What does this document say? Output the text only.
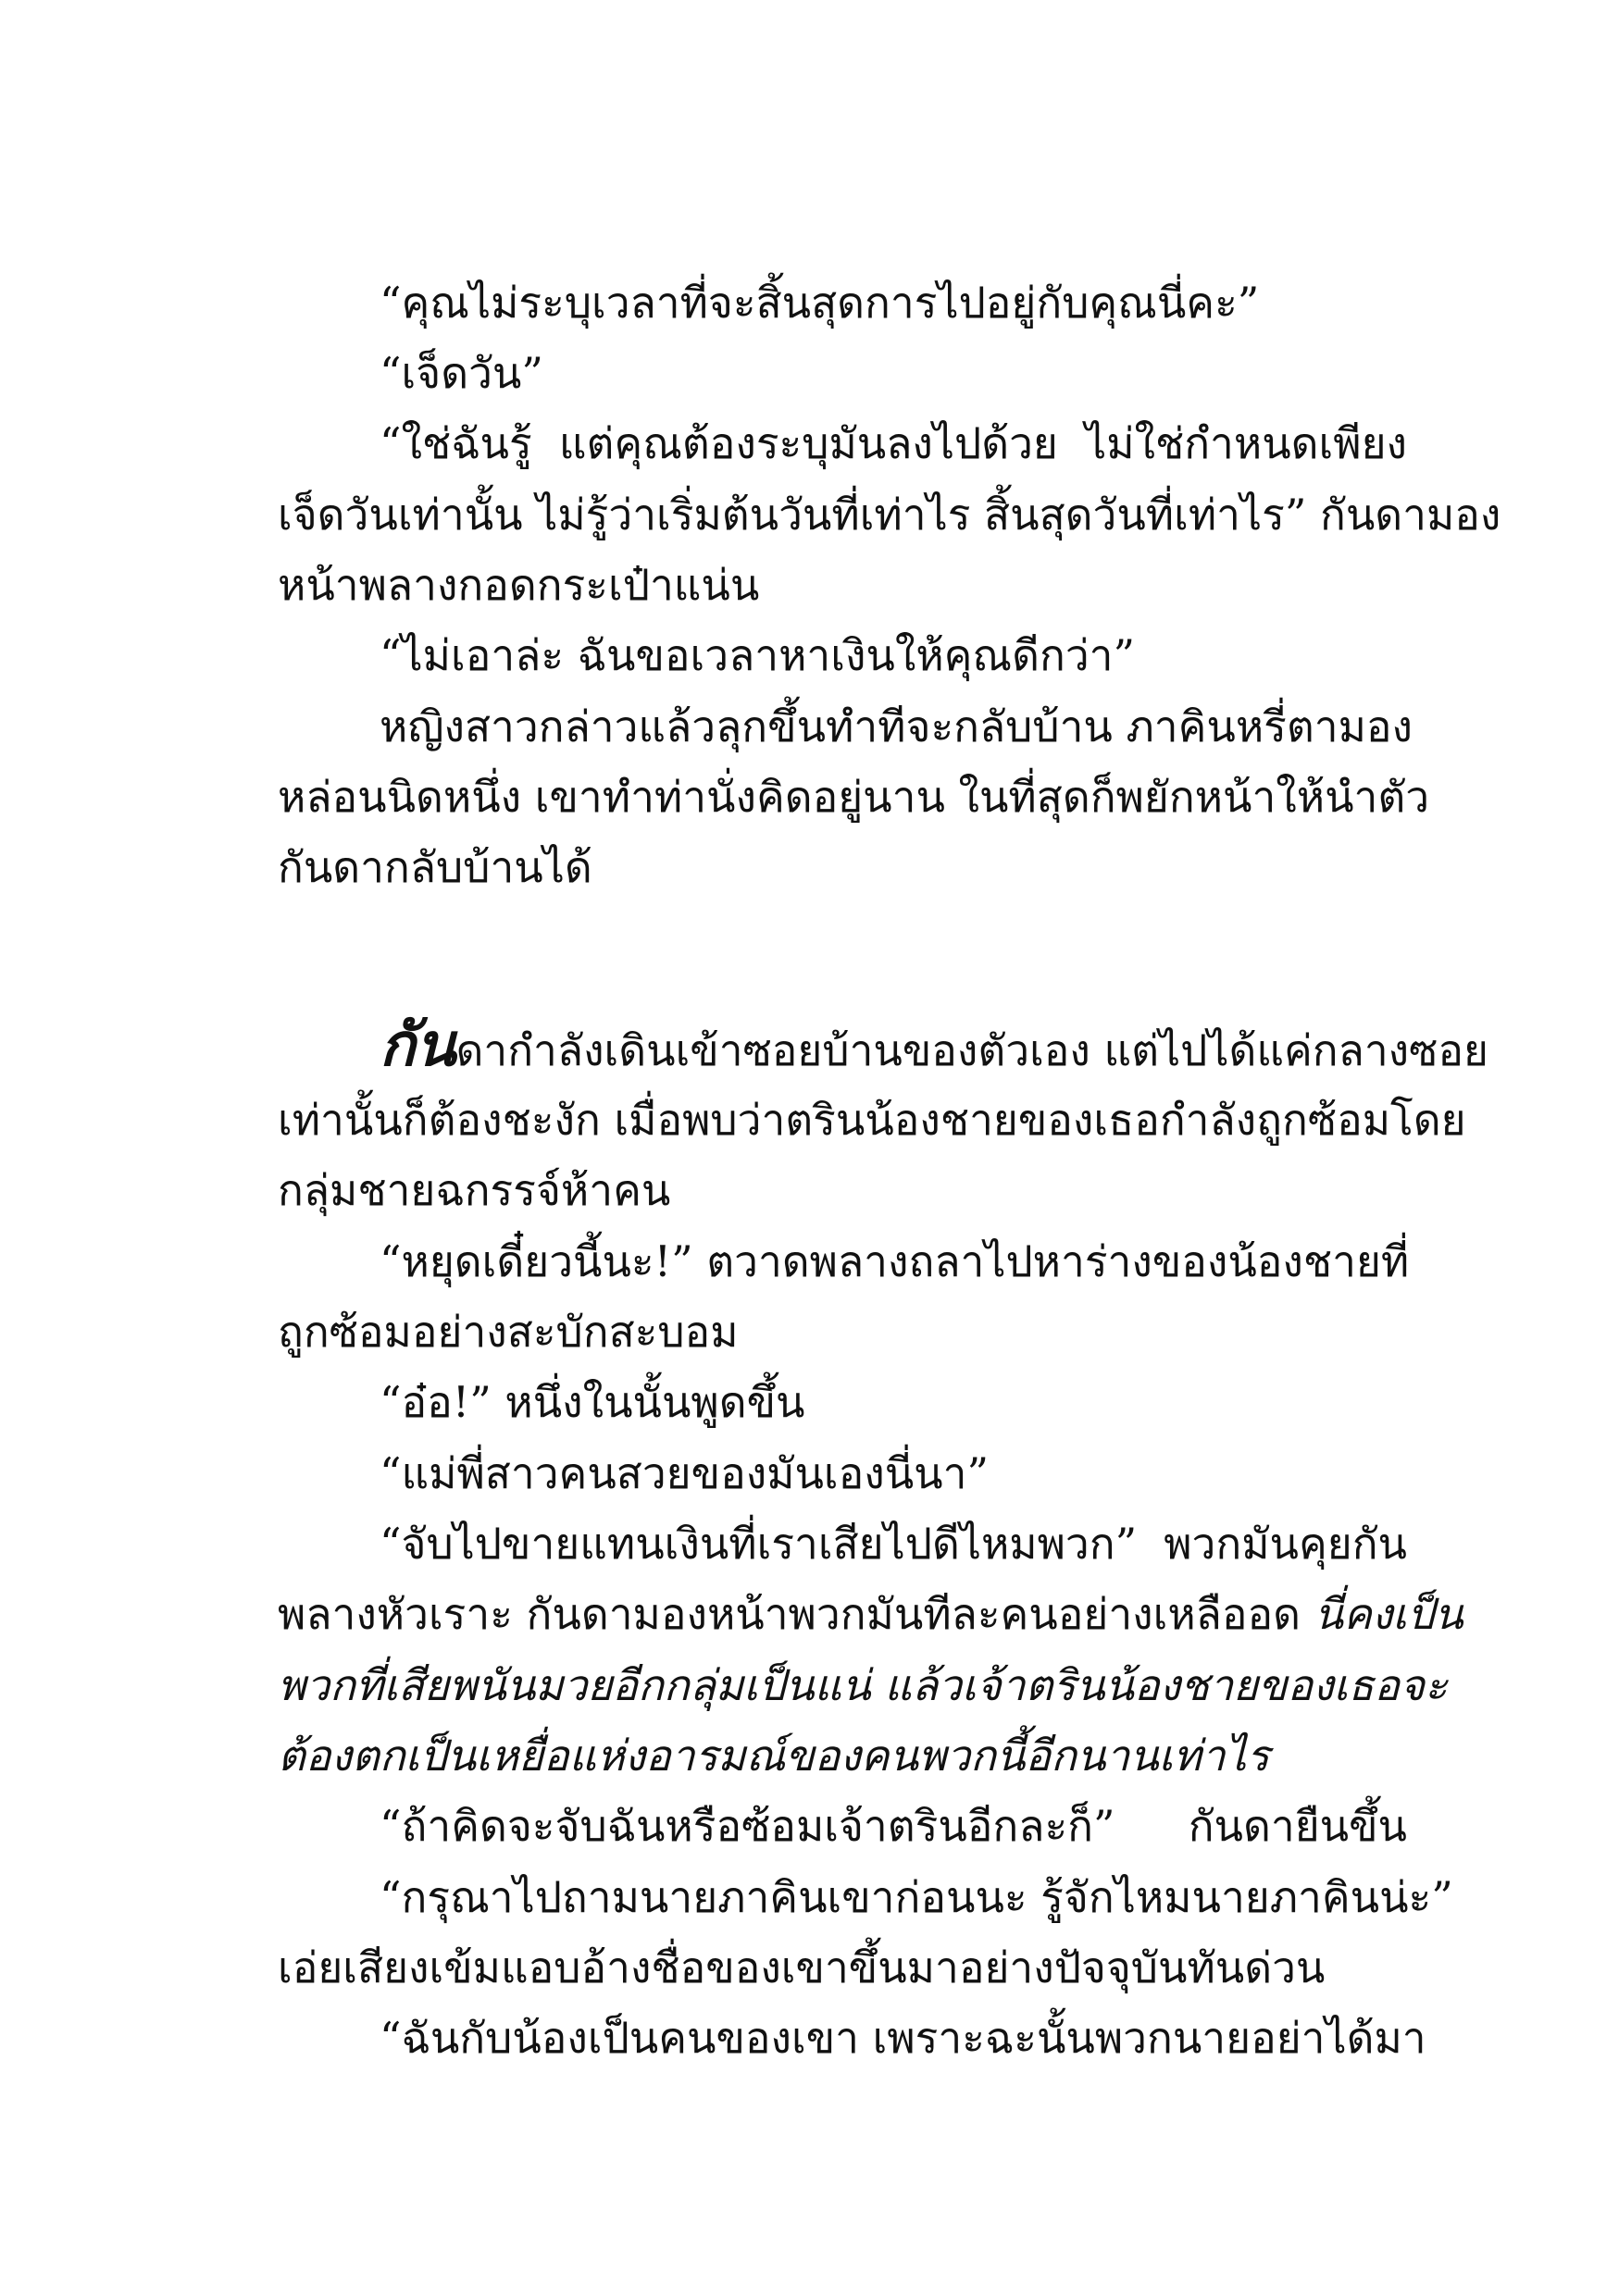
“คุณไม่ระบุเวลาที่จะสิ้นสุดการไปอยู่กับคุณนี่คะ”
“เจ็ดวัน”
“ใช่ฉันรู้ แต่คุณต้องระบุมันลงไปด้วย ไม่ใช่กำหนดเพียง
เจ็ดวันเท่านั้น ไม่รู้ว่าเริ่มต้นวันที่เท่าไร สิ้นสุดวันที่เท่าไร” กันดามอง
หน้าพลางกอดกระเป๋าแน่น
“ไม่เอาล่ะ ฉันขอเวลาหาเงินให้คุณดีกว่า”
หญิงสาวกล่าวแล้วลุกขึ้นทำทีจะกลับบ้าน ภาคินหรี่ตามอง
หล่อนนิดหนึ่ง เขาทำท่านั่งคิดอยู่นาน ในที่สุดก็พยักหน้าให้นำตัว
กันดากลับบ้านได้
กันดากำลังเดินเข้าซอยบ้านของตัวเอง แต่ไปได้แค่กลางซอย
เท่านั้นก็ต้องชะงัก เมื่อพบว่าตรินน้องชายของเธอกำลังถูกซ้อมโดย
กลุ่มชายฉกรรจ์ห้าคน
“หยุดเดี๋ยวนี้นะ!” ตวาดพลางถลาไปหาร่างของน้องชายที่
ถูกซ้อมอย่างสะบักสะบอม
“อ๋อ!” หนึ่งในนั้นพูดขึ้น
“แม่พี่สาวคนสวยของมันเองนี่นา”
“จับไปขายแทนเงินที่เราเสียไปดีไหมพวก” พวกมันคุยกัน
พลางหัวเราะ กันดามองหน้าพวกมันทีละคนอย่างเหลืออด นี่คงเป็น
พวกที่เสียพนันมวยอีกกลุ่มเป็นแน่ แล้วเจ้าตรินน้องชายของเธอจะ
ต้องตกเป็นเหยื่อแห่งอารมณ์ของคนพวกนี้อีกนานเท่าไร
“ถ้าคิดจะจับฉันหรือซ้อมเจ้าตรินอีกละก็” กันดายืนขึ้น
“กรุณาไปถามนายภาคินเขาก่อนนะ รู้จักไหมนายภาคินน่ะ”
เอ่ยเสียงเข้มแอบอ้างชื่อของเขาขึ้นมาอย่างปัจจุบันทันด่วน
“ฉันกับน้องเป็นคนของเขา เพราะฉะนั้นพวกนายอย่าได้มา
